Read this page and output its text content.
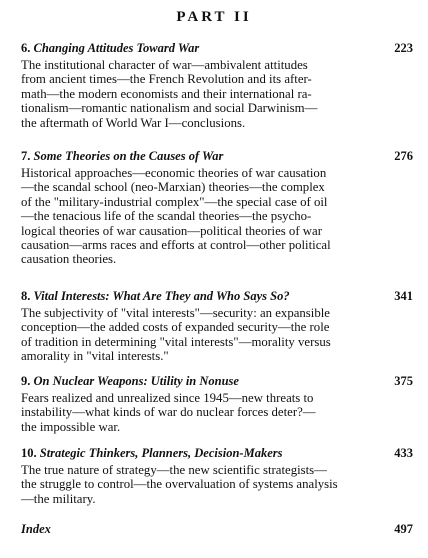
PART II
6. Changing Attitudes Toward War	223
The institutional character of war—ambivalent attitudes
from ancient times—the French Revolution and its after-
math—the modern economists and their international ra-
tionalism—romantic nationalism and social Darwinism—
the aftermath of World War I—conclusions.
7. Some Theories on the Causes of War	276
Historical approaches—economic theories of war causation
—the scandal school (neo-Marxian) theories—the complex
of the "military-industrial complex"—the special case of oil
—the tenacious life of the scandal theories—the psycho-
logical theories of war causation—political theories of war
causation—arms races and efforts at control—other political
causation theories.
8. Vital Interests: What Are They and Who Says So?	341
The subjectivity of "vital interests"—security: an expansible
conception—the added costs of expanded security—the role
of tradition in determining "vital interests"—morality versus
amorality in "vital interests."
9. On Nuclear Weapons: Utility in Nonuse	375
Fears realized and unrealized since 1945—new threats to
instability—what kinds of war do nuclear forces deter?—
the impossible war.
10. Strategic Thinkers, Planners, Decision-Makers	433
The true nature of strategy—the new scientific strategists—
the struggle to control—the overvaluation of systems analysis
—the military.
Index	497
